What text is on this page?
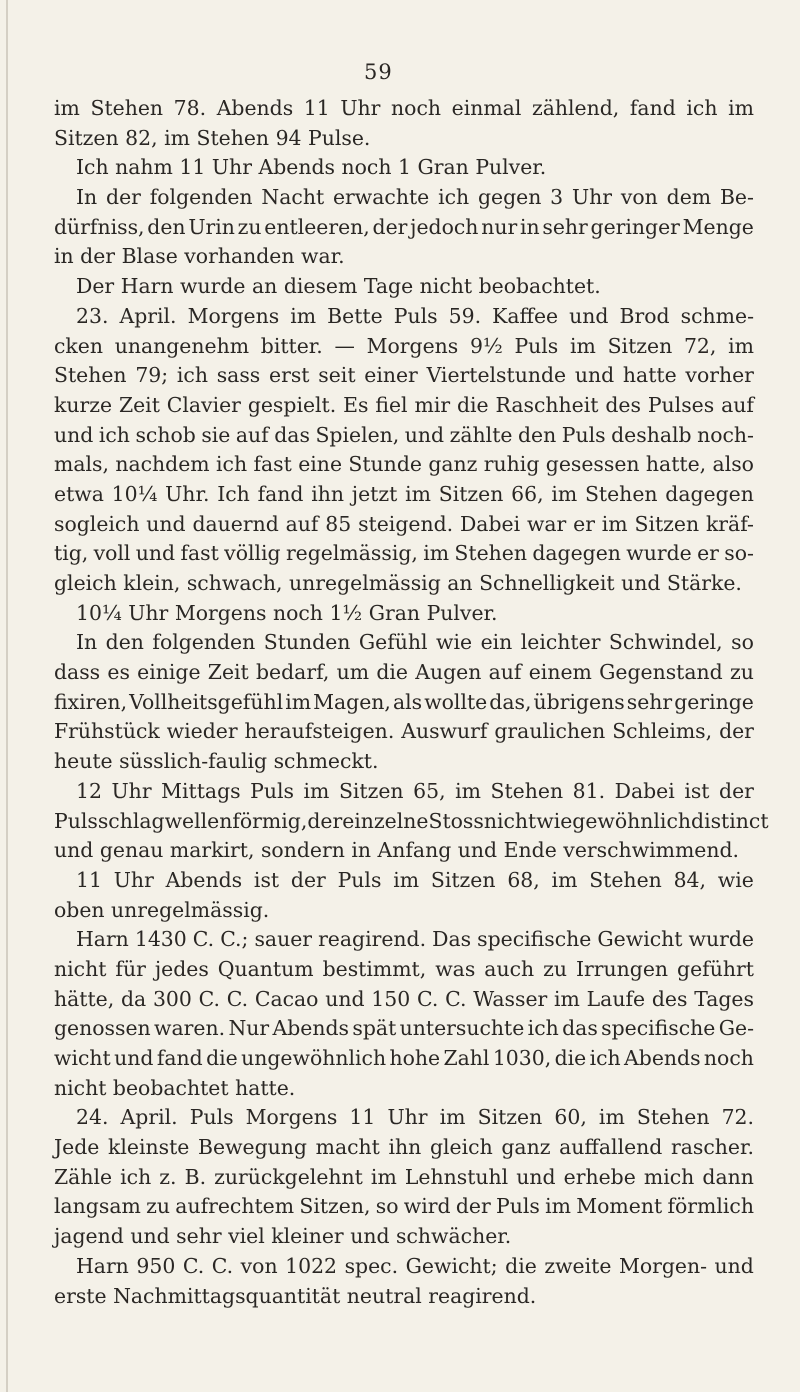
59
im Stehen 78. Abends 11 Uhr noch einmal zählend, fand ich im
Sitzen 82, im Stehen 94 Pulse.
Ich nahm 11 Uhr Abends noch 1 Gran Pulver.
In der folgenden Nacht erwachte ich gegen 3 Uhr von dem Be-
dürfniss, den Urin zu entleeren, der jedoch nur in sehr geringer Menge
in der Blase vorhanden war.
Der Harn wurde an diesem Tage nicht beobachtet.
23. April. Morgens im Bette Puls 59. Kaffee und Brod schme-
cken unangenehm bitter. — Morgens 9½ Puls im Sitzen 72, im
Stehen 79; ich sass erst seit einer Viertelstunde und hatte vorher
kurze Zeit Clavier gespielt. Es fiel mir die Raschheit des Pulses auf
und ich schob sie auf das Spielen, und zählte den Puls deshalb noch-
mals, nachdem ich fast eine Stunde ganz ruhig gesessen hatte, also
etwa 10¼ Uhr. Ich fand ihn jetzt im Sitzen 66, im Stehen dagegen
sogleich und dauernd auf 85 steigend. Dabei war er im Sitzen kräf-
tig, voll und fast völlig regelmässig, im Stehen dagegen wurde er so-
gleich klein, schwach, unregelmässig an Schnelligkeit und Stärke.
10¼ Uhr Morgens noch 1½ Gran Pulver.
In den folgenden Stunden Gefühl wie ein leichter Schwindel, so
dass es einige Zeit bedarf, um die Augen auf einem Gegenstand zu
fixiren, Vollheitsgefühl im Magen, als wollte das, übrigens sehr geringe
Frühstück wieder heraufsteigen. Auswurf graulichen Schleims, der
heute süsslich-faulig schmeckt.
12 Uhr Mittags Puls im Sitzen 65, im Stehen 81. Dabei ist der
Pulsschlag wellenförmig, der einzelne Stoss nicht wie gewöhnlich distinct
und genau markirt, sondern in Anfang und Ende verschwimmend.
11 Uhr Abends ist der Puls im Sitzen 68, im Stehen 84, wie
oben unregelmässig.
Harn 1430 C. C.; sauer reagirend. Das specifische Gewicht wurde
nicht für jedes Quantum bestimmt, was auch zu Irrungen geführt
hätte, da 300 C. C. Cacao und 150 C. C. Wasser im Laufe des Tages
genossen waren. Nur Abends spät untersuchte ich das specifische Ge-
wicht und fand die ungewöhnlich hohe Zahl 1030, die ich Abends noch
nicht beobachtet hatte.
24. April. Puls Morgens 11 Uhr im Sitzen 60, im Stehen 72.
Jede kleinste Bewegung macht ihn gleich ganz auffallend rascher.
Zähle ich z. B. zurückgelehnt im Lehnstuhl und erhebe mich dann
langsam zu aufrechtem Sitzen, so wird der Puls im Moment förmlich
jagend und sehr viel kleiner und schwächer.
Harn 950 C. C. von 1022 spec. Gewicht; die zweite Morgen- und
erste Nachmittagsquantität neutral reagirend.
